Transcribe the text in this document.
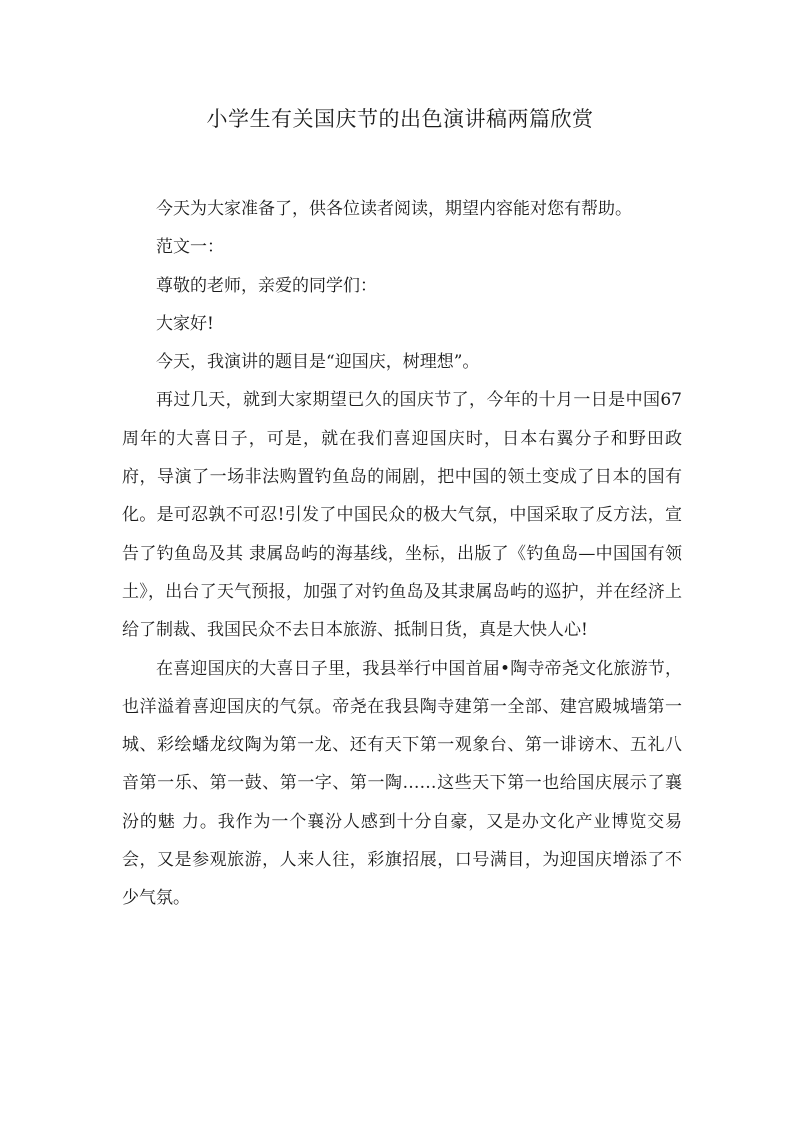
小学生有关国庆节的出色演讲稿两篇欣赏

今天为大家准备了，供各位读者阅读，期望内容能对您有帮助。

范文一：

尊敬的老师，亲爱的同学们：

大家好!

今天，我演讲的题目是“迎国庆，树理想”。

再过几天，就到大家期望已久的国庆节了，今年的十月一日是中国67周年的大喜日子，可是，就在我们喜迎国庆时，日本右翼分子和野田政 府，导演了一场非法购置钓鱼岛的闹剧，把中国的领土变成了日本的国有化。是可忍孰不可忍!引发了中国民众的极大气氛，中国采取了反方法，宣告了钓鱼岛及其 隶属岛屿的海基线，坐标，出版了《钓鱼岛—中国国有领土》，出台了天气预报，加强了对钓鱼岛及其隶属岛屿的巡护，并在经济上给了制裁、我国民众不去日本旅游、抵制日货，真是大快人心!

在喜迎国庆的大喜日子里，我县举行中国首届•陶寺帝尧文化旅游节，也洋溢着喜迎国庆的气氛。帝尧在我县陶寺建第一全部、建宫殿城墙第一城、彩绘蟠龙纹陶为第一龙、还有天下第一观象台、第一诽谤木、五礼八音第一乐、第一鼓、第一字、第一陶……这些天下第一也给国庆展示了襄汾的魅 力。我作为一个襄汾人感到十分自豪，又是办文化产业博览交易会，又是参观旅游，人来人往，彩旗招展，口号满目，为迎国庆增添了不少气氛。
